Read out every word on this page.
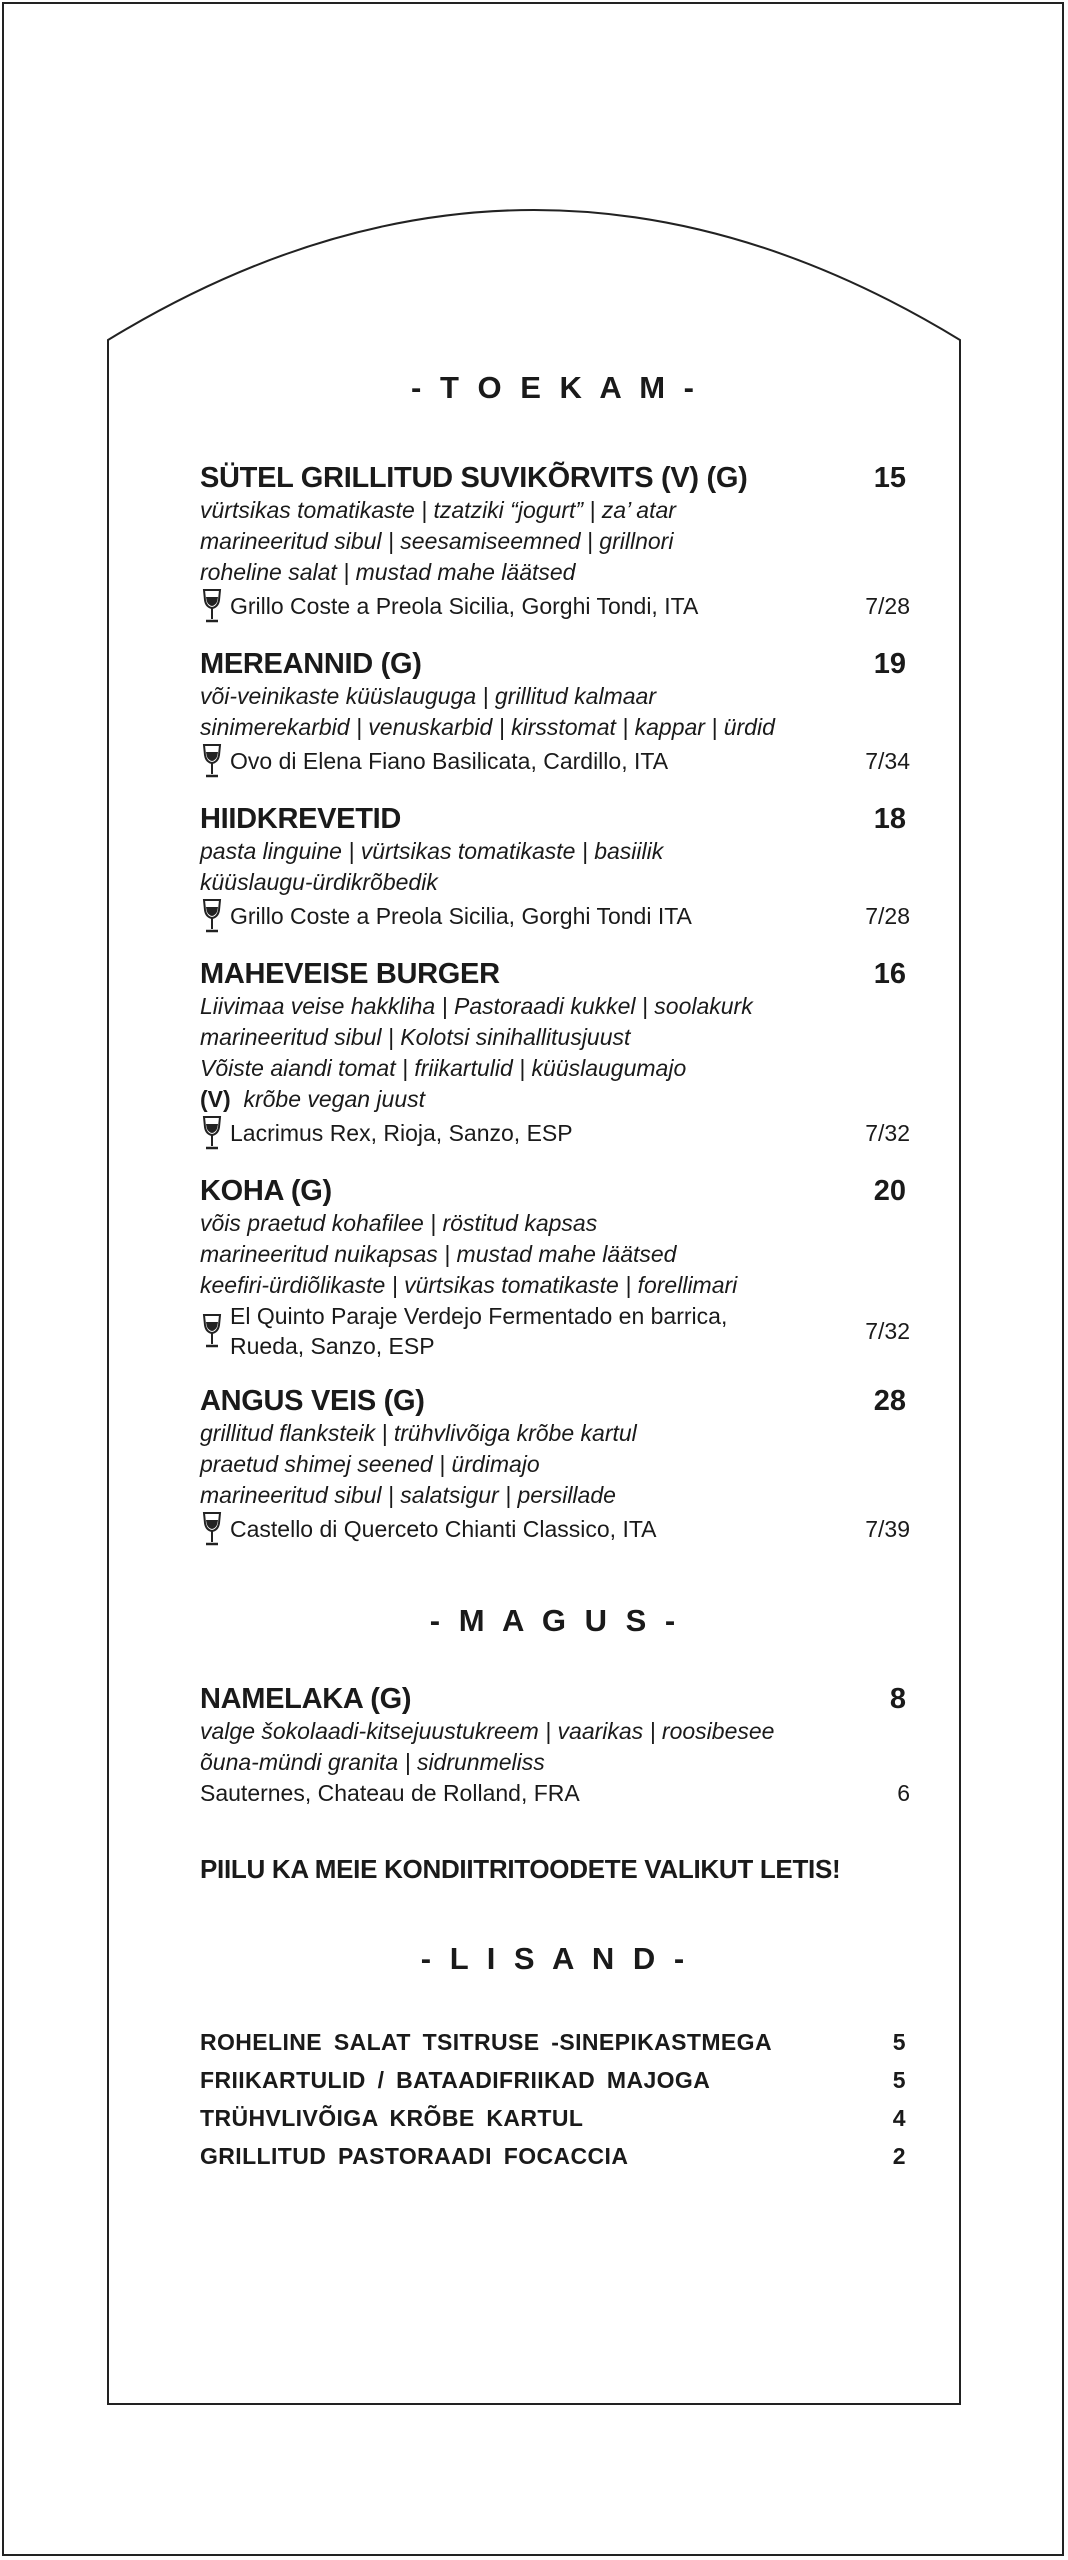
- T O E K A M -
SÜTEL GRILLITUD SUVIKÕRVITS (V) (G)	15
vürtsikas tomatikaste | tzatziki “jogurt” | za’ atar
marineeritud sibul | seesamiseemned | grillnori
roheline salat | mustad mahe läätsed
Grillo Coste a Preola Sicilia, Gorghi Tondi, ITA	7/28
MEREANNID (G)	19
või-veinikaste küüslauguga | grillitud kalmaar
sinimerekarbid | venuskarbid | kirsstomat | kappar | ürdid
Ovo di Elena Fiano Basilicata, Cardillo, ITA	7/34
HIIDKREVETID	18
pasta linguine | vürtsikas tomatikaste | basiilik
küüslaugu-ürdikrõbedik
Grillo Coste a Preola Sicilia, Gorghi Tondi ITA	7/28
MAHEVEISE BURGER	16
Liivimaa veise hakkliha | Pastoraadi kukkel | soolakurk
marineeritud sibul | Kolotsi sinihallitusjuust
Võiste aiandi tomat | friikartulid | küüslaugumajo
(V) krõbe vegan juust
Lacrimus Rex, Rioja, Sanzo, ESP	7/32
KOHA (G)	20
võis praetud kohafilee | röstitud kapsas
marineeritud nuikapsas | mustad mahe läätsed
keefiri-ürdiõlikaste | vürtsikas tomatikaste | forellimari
El Quinto Paraje Verdejo Fermentado en barrica,
Rueda, Sanzo, ESP
7/32
ANGUS VEIS (G)	28
grillitud flanksteik | trühvlivõiga krõbe kartul
praetud shimej seened | ürdimajo
marineeritud sibul | salatsigur | persillade
Castello di Querceto Chianti Classico, ITA	7/39
- M A G U S -
NAMELAKA (G)	8
valge šokolaadi-kitsejuustukreem | vaarikas | roosibesee
õuna-mündi granita | sidrunmeliss
Sauternes, Chateau de Rolland, FRA	6
PIILU KA MEIE KONDIITRITOODETE VALIKUT LETIS!
- L I S A N D -
ROHELINE SALAT TSITRUSE -SINEPIKASTMEGA	5
FRIIKARTULID / BATAADIFRIIKAD MAJOGA	5
TRÜHVLIVÕIGA KRÕBE KARTUL	4
GRILLITUD PASTORAADI FOCACCIA	2
